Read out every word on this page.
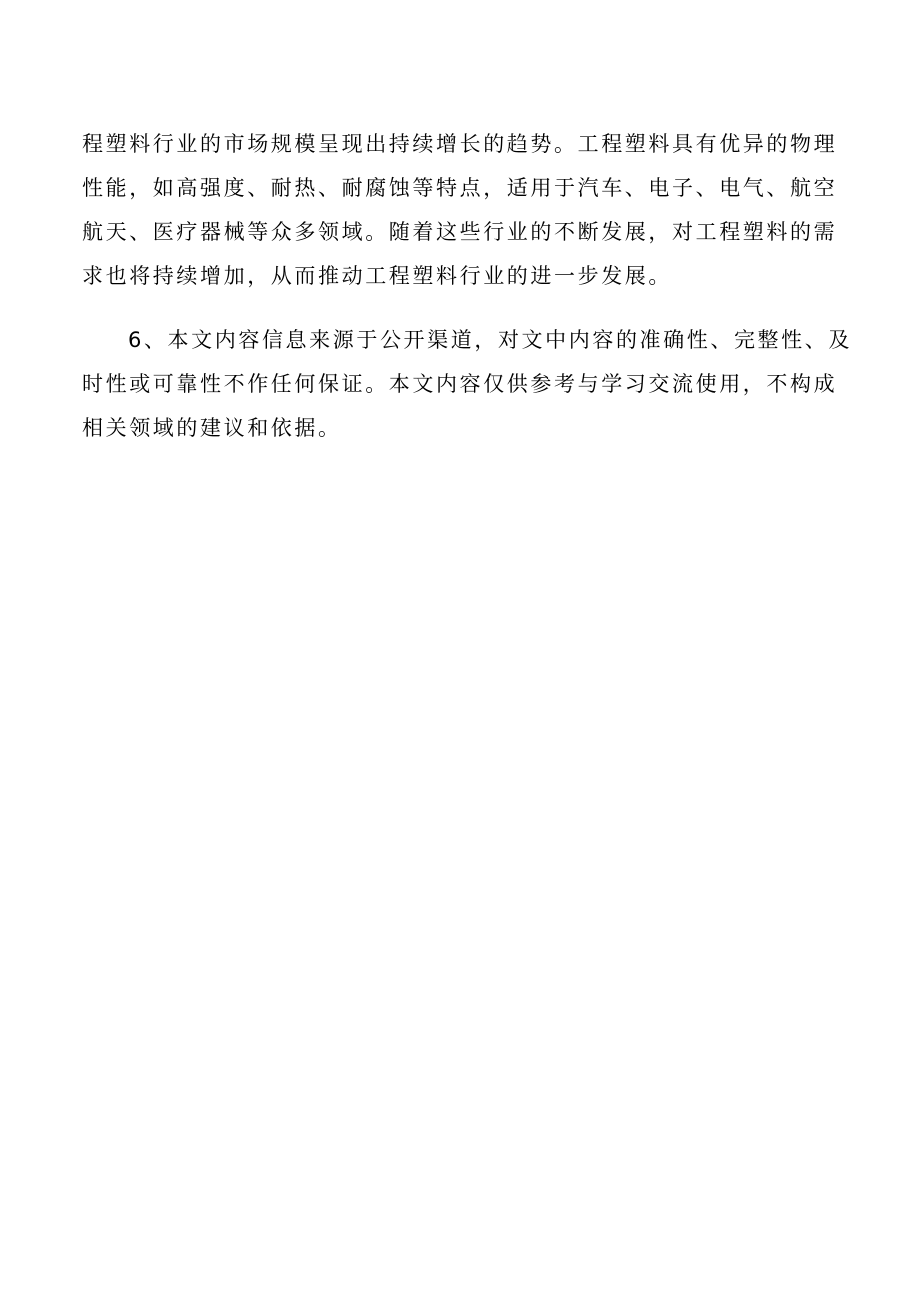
程塑料行业的市场规模呈现出持续增长的趋势。工程塑料具有优异的物理
性能，如高强度、耐热、耐腐蚀等特点，适用于汽车、电子、电气、航空
航天、医疗器械等众多领域。随着这些行业的不断发展，对工程塑料的需
求也将持续增加，从而推动工程塑料行业的进一步发展。
6、本文内容信息来源于公开渠道，对文中内容的准确性、完整性、及
时性或可靠性不作任何保证。本文内容仅供参考与学习交流使用，不构成
相关领域的建议和依据。
